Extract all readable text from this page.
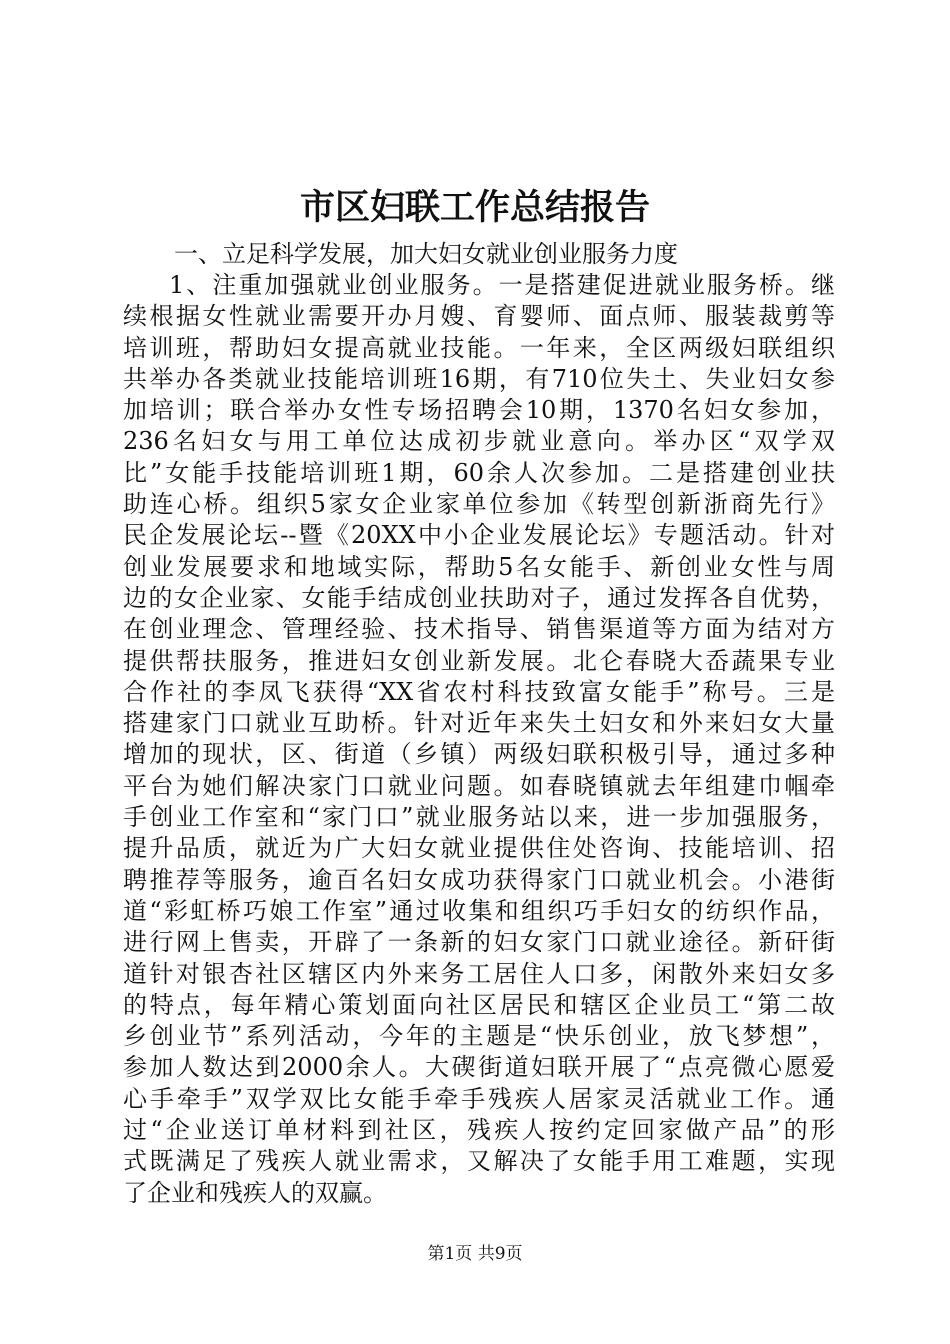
市区妇联工作总结报告

一、立足科学发展，加大妇女就业创业服务力度

1、注重加强就业创业服务。一是搭建促进就业服务桥。继
续根据女性就业需要开办月嫂、育婴师、面点师、服装裁剪等
培训班，帮助妇女提高就业技能。一年来，全区两级妇联组织
共举办各类就业技能培训班16期，有710位失土、失业妇女参
加培训；联合举办女性专场招聘会10期，1370名妇女参加，
236名妇女与用工单位达成初步就业意向。举办区“双学双
比”女能手技能培训班1期，60余人次参加。二是搭建创业扶
助连心桥。组织5家女企业家单位参加《转型创新浙商先行》
民企发展论坛--暨《20XX中小企业发展论坛》专题活动。针对
创业发展要求和地域实际，帮助5名女能手、新创业女性与周
边的女企业家、女能手结成创业扶助对子，通过发挥各自优势，
在创业理念、管理经验、技术指导、销售渠道等方面为结对方
提供帮扶服务，推进妇女创业新发展。北仑春晓大岙蔬果专业
合作社的李凤飞获得“XX省农村科技致富女能手”称号。三是
搭建家门口就业互助桥。针对近年来失土妇女和外来妇女大量
增加的现状，区、街道（乡镇）两级妇联积极引导，通过多种
平台为她们解决家门口就业问题。如春晓镇就去年组建巾帼牵
手创业工作室和“家门口”就业服务站以来，进一步加强服务，
提升品质，就近为广大妇女就业提供住处咨询、技能培训、招
聘推荐等服务，逾百名妇女成功获得家门口就业机会。小港街
道“彩虹桥巧娘工作室”通过收集和组织巧手妇女的纺织作品，
进行网上售卖，开辟了一条新的妇女家门口就业途径。新矸街
道针对银杏社区辖区内外来务工居住人口多，闲散外来妇女多
的特点，每年精心策划面向社区居民和辖区企业员工“第二故
乡创业节”系列活动，今年的主题是“快乐创业，放飞梦想”，
参加人数达到2000余人。大碶街道妇联开展了“点亮微心愿爱
心手牵手”双学双比女能手牵手残疾人居家灵活就业工作。通
过“企业送订单材料到社区，残疾人按约定回家做产品”的形
式既满足了残疾人就业需求，又解决了女能手用工难题，实现
了企业和残疾人的双赢。

第1页 共9页
